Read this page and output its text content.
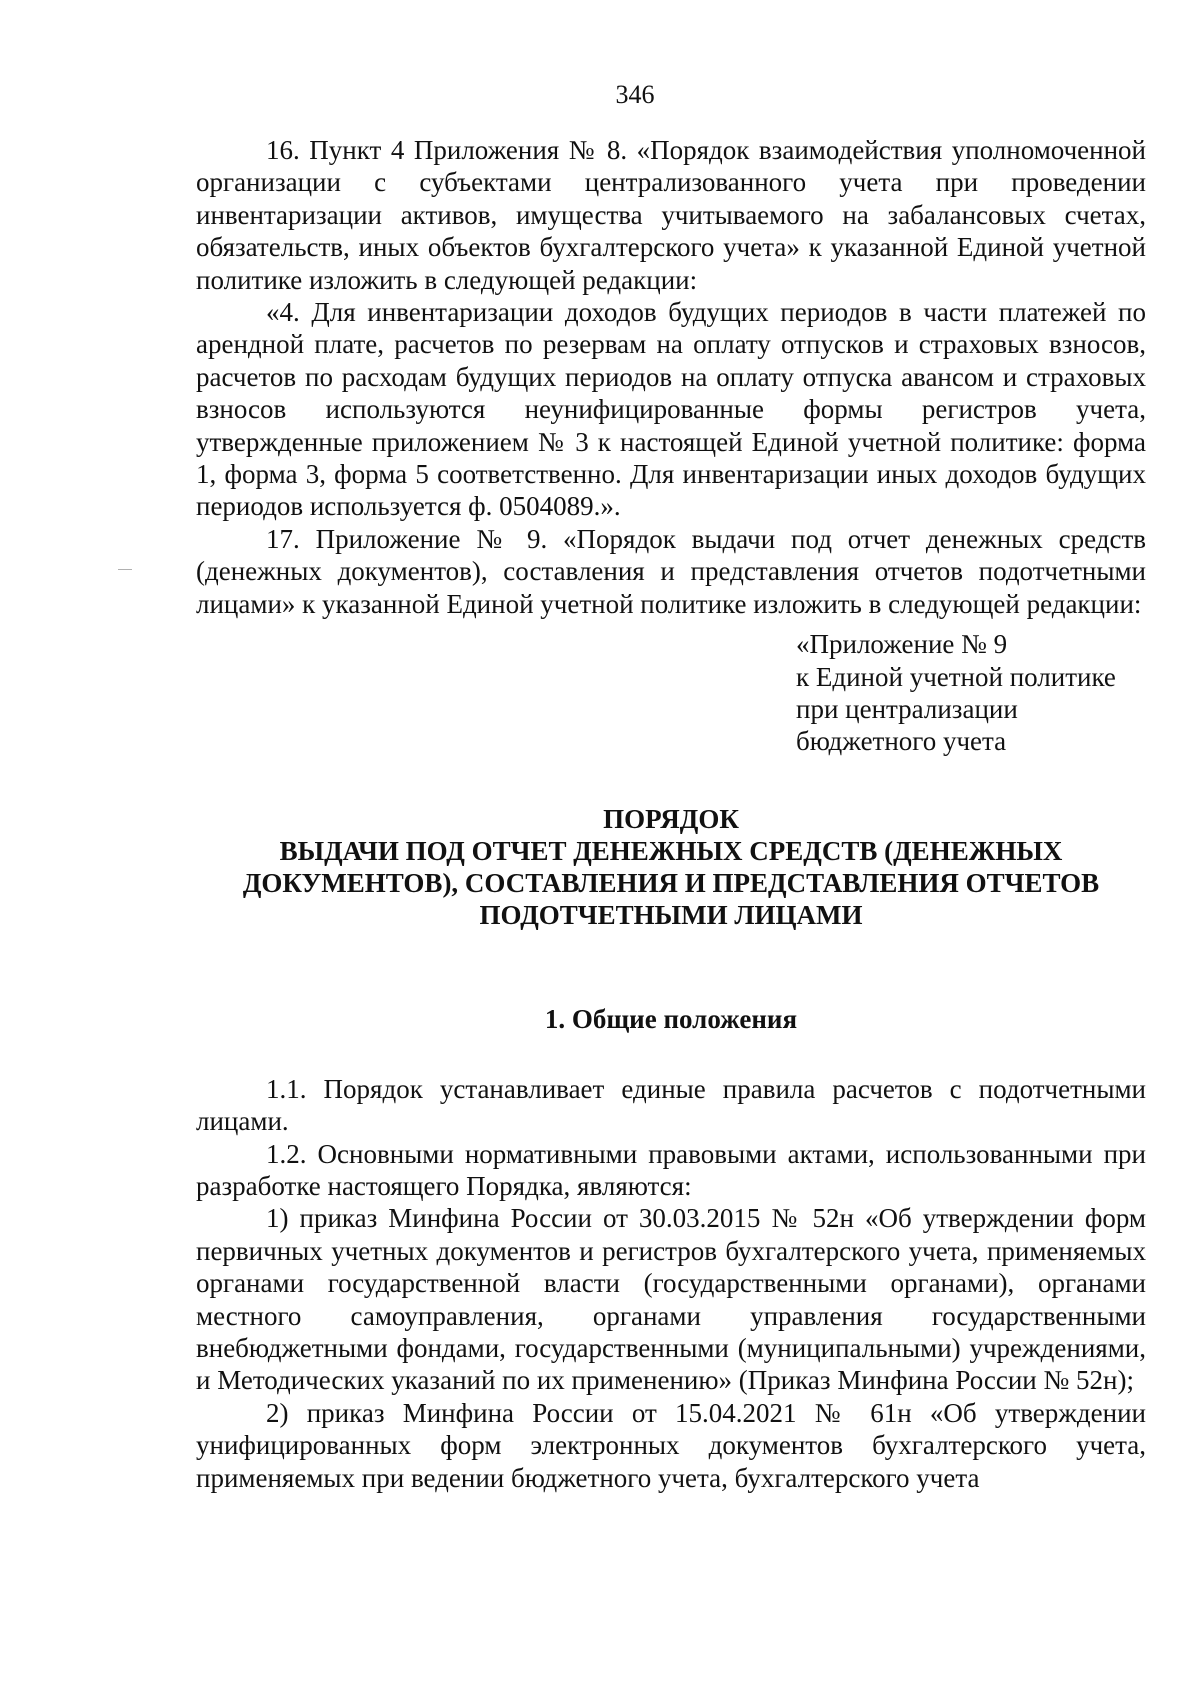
346

16. Пункт 4 Приложения № 8. «Порядок взаимодействия уполномоченной организации с субъектами централизованного учета при проведении инвентаризации активов, имущества учитываемого на забалансовых счетах, обязательств, иных объектов бухгалтерского учета» к указанной Единой учетной политике изложить в следующей редакции:

«4. Для инвентаризации доходов будущих периодов в части платежей по арендной плате, расчетов по резервам на оплату отпусков и страховых взносов, расчетов по расходам будущих периодов на оплату отпуска авансом и страховых взносов используются неунифицированные формы регистров учета, утвержденные приложением № 3 к настоящей Единой учетной политике: форма 1, форма 3, форма 5 соответственно. Для инвентаризации иных доходов будущих периодов используется ф. 0504089.».

17. Приложение № 9. «Порядок выдачи под отчет денежных средств (денежных документов), составления и представления отчетов подотчетными лицами» к указанной Единой учетной политике изложить в следующей редакции:

«Приложение № 9
к Единой учетной политике
при централизации
бюджетного учета
ПОРЯДОК
ВЫДАЧИ ПОД ОТЧЕТ ДЕНЕЖНЫХ СРЕДСТВ (ДЕНЕЖНЫХ
ДОКУМЕНТОВ), СОСТАВЛЕНИЯ И ПРЕДСТАВЛЕНИЯ ОТЧЕТОВ
ПОДОТЧЕТНЫМИ ЛИЦАМИ
1. Общие положения

1.1. Порядок устанавливает единые правила расчетов с подотчетными лицами.

1.2. Основными нормативными правовыми актами, использованными при разработке настоящего Порядка, являются:

1) приказ Минфина России от 30.03.2015 № 52н «Об утверждении форм первичных учетных документов и регистров бухгалтерского учета, применяемых органами государственной власти (государственными органами), органами местного самоуправления, органами управления государственными внебюджетными фондами, государственными (муниципальными) учреждениями, и Методических указаний по их применению» (Приказ Минфина России № 52н);

2) приказ Минфина России от 15.04.2021 № 61н «Об утверждении унифицированных форм электронных документов бухгалтерского учета, применяемых при ведении бюджетного учета, бухгалтерского учета
